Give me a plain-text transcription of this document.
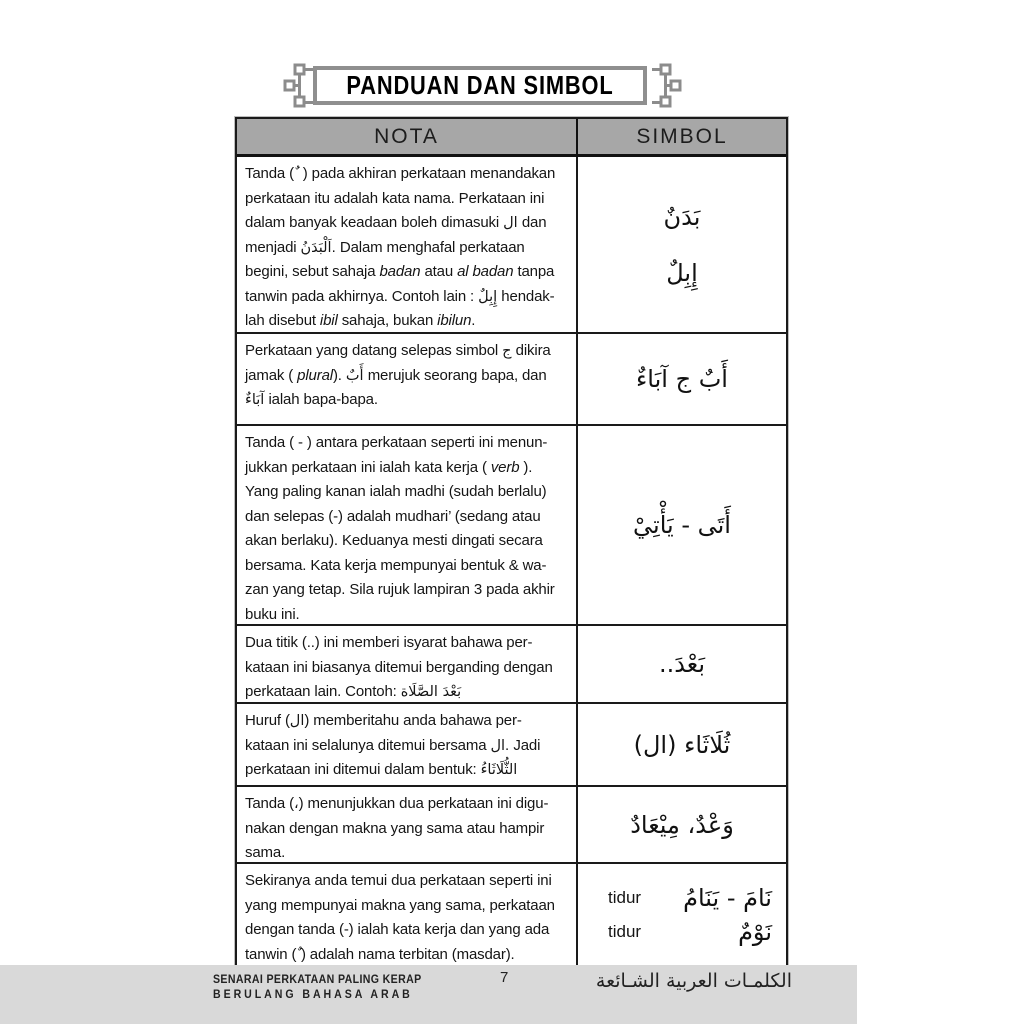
PANDUAN DAN SIMBOL
NOTA	SIMBOL
Tanda ( ٌ ) pada akhiran perkataan menandakan
perkataan itu adalah kata nama. Perkataan ini
dalam banyak keadaan boleh dimasuki ال dan
menjadi اَلْبَدَنُ. Dalam menghafal perkataan
begini, sebut sahaja badan atau al badan tanpa
tanwin pada akhirnya. Contoh lain : إِبِلٌ hendak-
lah disebut ibil sahaja, bukan ibilun.
بَدَنٌ
إِبِلٌ
Perkataan yang datang selepas simbol ج dikira
jamak ( plural). أَبٌ merujuk seorang bapa, dan
آبَاءٌ ialah bapa-bapa.
أَبٌ ج آبَاءٌ
Tanda ( - ) antara perkataan seperti ini menun-
jukkan perkataan ini ialah kata kerja ( verb ).
Yang paling kanan ialah madhi (sudah berlalu)
dan selepas (-) adalah mudhari’ (sedang atau
akan berlaku). Keduanya mesti dingati secara
bersama. Kata kerja mempunyai bentuk & wa-
zan yang tetap. Sila rujuk lampiran 3 pada akhir
buku ini.
أَتَى - يَأْتِيْ
Dua titik (..) ini memberi isyarat bahawa per-
kataan ini biasanya ditemui berganding dengan
perkataan lain. Contoh: بَعْدَ الصَّلَاة
بَعْدَ..
Huruf (ال) memberitahu anda bahawa per-
kataan ini selalunya ditemui bersama ال. Jadi
perkataan ini ditemui dalam bentuk: الثُّلَاثَاءُ
ثُلَاثَاء (ال)
Tanda (،) menunjukkan dua perkataan ini digu-
nakan dengan makna yang sama atau hampir
sama.
وَعْدٌ، مِيْعَادٌ
Sekiranya anda temui dua perkataan seperti ini
yang mempunyai makna yang sama, perkataan
dengan tanda (-) ialah kata kerja dan yang ada
tanwin ( ٌ) adalah nama terbitan (masdar).
tidur نَامَ - يَنَامُ
tidur	نَوْمٌ
SENARAI PERKATAAN PALING KERAP
BERULANG BAHASA ARAB
7	الكلمـات العربية الشـائعة
